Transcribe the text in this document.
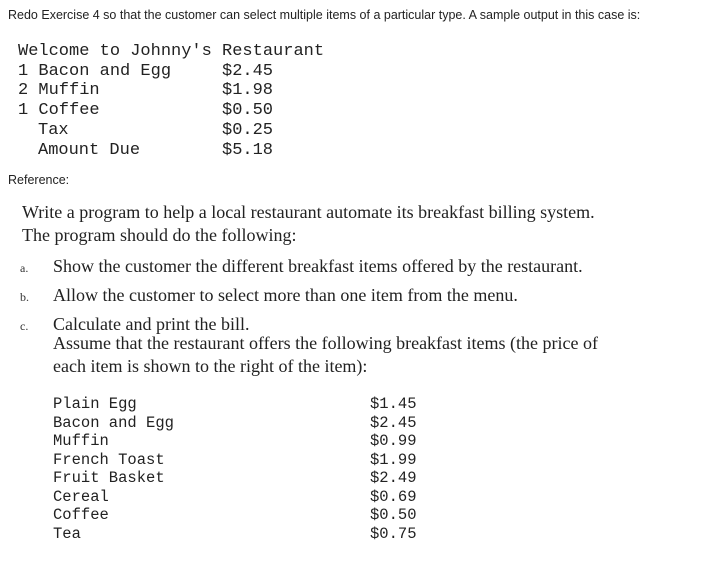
Redo Exercise 4 so that the customer can select multiple items of a particular type. A sample output in this case is:
Welcome to Johnny's Restaurant
1 Bacon and Egg	$2.45
2 Muffin	$1.98
1 Coffee	$0.50
Tax	$0.25
Amount Due	$5.18
Reference:
Write a program to help a local restaurant automate its breakfast billing system. The program should do the following:
a.	Show the customer the different breakfast items offered by the restaurant.
b.	Allow the customer to select more than one item from the menu.
c.	Calculate and print the bill.
Assume that the restaurant offers the following breakfast items (the price of each item is shown to the right of the item):
Plain Egg	$1.45
Bacon and Egg	$2.45
Muffin	$0.99
French Toast	$1.99
Fruit Basket	$2.49
Cereal	$0.69
Coffee	$0.50
Tea	$0.75
